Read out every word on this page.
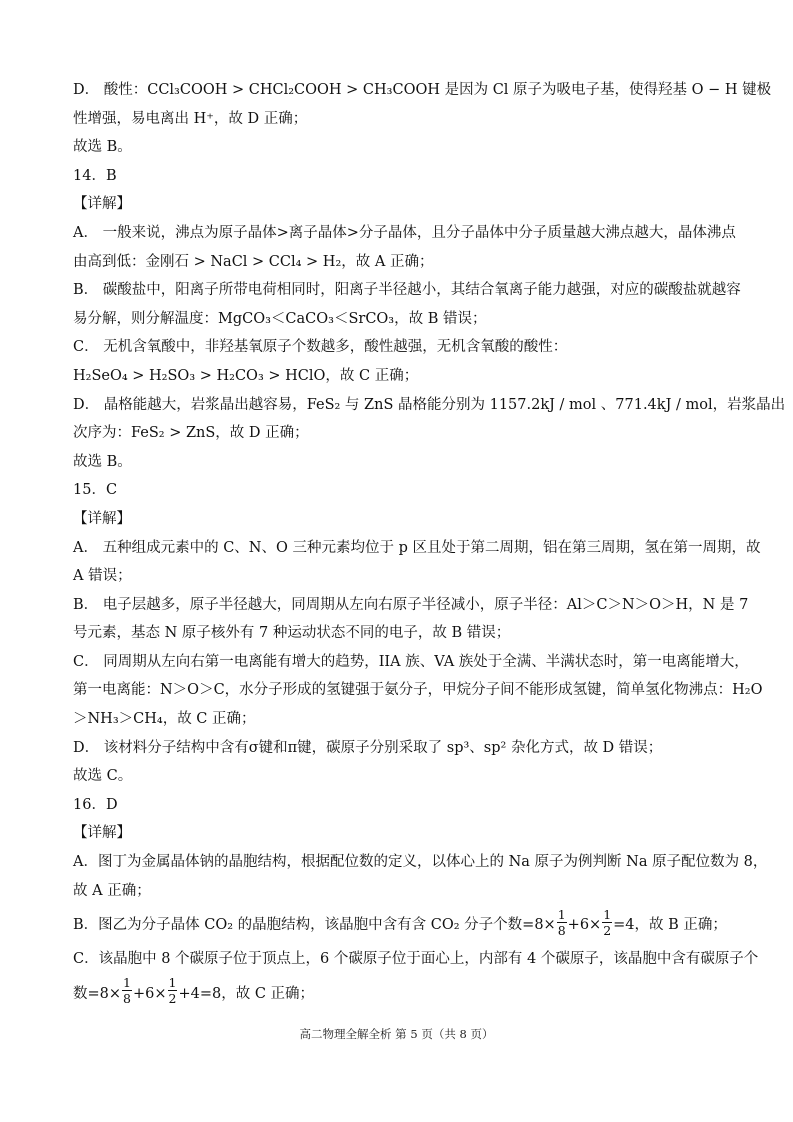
D． 酸性：CCl₃COOH > CHCl₂COOH > CH₃COOH 是因为 Cl 原子为吸电子基，使得羟基 O − H 键极
性增强，易电离出 H⁺，故 D 正确；
故选 B。
14．B
【详解】
A． 一般来说，沸点为原子晶体>离子晶体>分子晶体，且分子晶体中分子质量越大沸点越大，晶体沸点
由高到低：金刚石 > NaCl > CCl₄ > H₂，故 A 正确；
B． 碳酸盐中，阳离子所带电荷相同时，阳离子半径越小，其结合氧离子能力越强，对应的碳酸盐就越容
易分解，则分解温度：MgCO₃＜CaCO₃＜SrCO₃，故 B 错误；
C． 无机含氧酸中，非羟基氧原子个数越多，酸性越强，无机含氧酸的酸性：
H₂SeO₄ > H₂SO₃ > H₂CO₃ > HClO，故 C 正确；
D． 晶格能越大，岩浆晶出越容易，FeS₂ 与 ZnS 晶格能分别为 1157.2kJ / mol 、771.4kJ / mol，岩浆晶出
次序为：FeS₂ > ZnS，故 D 正确；
故选 B。
15．C
【详解】
A． 五种组成元素中的 C、N、O 三种元素均位于 p 区且处于第二周期，铝在第三周期，氢在第一周期，故
A 错误；
B． 电子层越多，原子半径越大，同周期从左向右原子半径减小，原子半径：Al＞C＞N＞O＞H，N 是 7
号元素，基态 N 原子核外有 7 种运动状态不同的电子，故 B 错误；
C． 同周期从左向右第一电离能有增大的趋势，IIA 族、VA 族处于全满、半满状态时，第一电离能增大，
第一电离能：N＞O＞C，水分子形成的氢键强于氨分子，甲烷分子间不能形成氢键，简单氢化物沸点：H₂O
＞NH₃＞CH₄，故 C 正确；
D． 该材料分子结构中含有σ键和π键，碳原子分别采取了 sp³、sp² 杂化方式，故 D 错误；
故选 C。
16．D
【详解】
A．图丁为金属晶体钠的晶胞结构，根据配位数的定义，以体心上的 Na 原子为例判断 Na 原子配位数为 8，
故 A 正确；
B．图乙为分子晶体 CO₂ 的晶胞结构，该晶胞中含有含 CO₂ 分子个数$=8\times \frac{1}{8} +6\times \frac{1}{2} =4$，故 B 正确；
C．该晶胞中 8 个碳原子位于顶点上，6 个碳原子位于面心上，内部有 4 个碳原子，该晶胞中含有碳原子个
数$=8\times \frac{1}{8} +6\times \frac{1}{2} +4=8$，故 C 正确；
高二物理全解全析 第 5 页（共 8 页）
